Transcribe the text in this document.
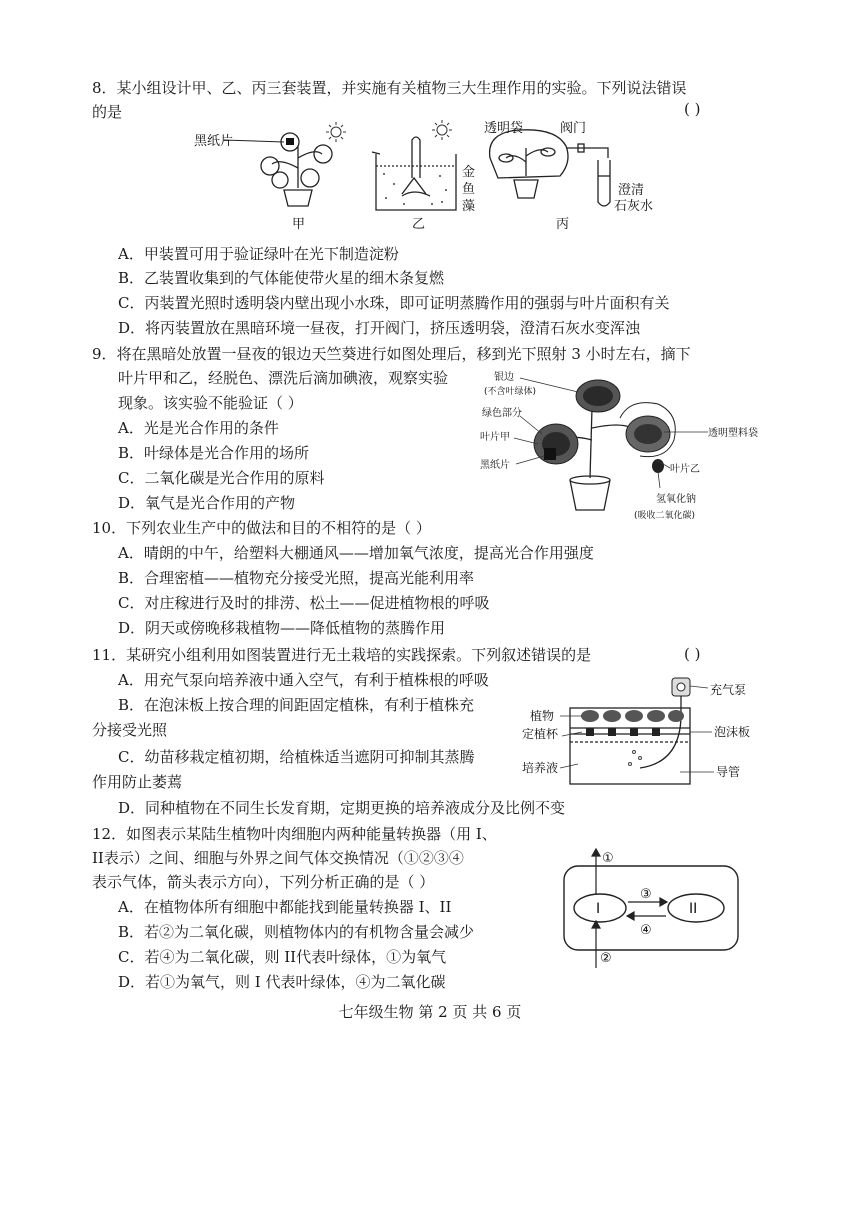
8．某小组设计甲、乙、丙三套装置，并实施有关植物三大生理作用的实验。下列说法错误
的是	( )
黑纸片
甲
金
鱼
藻
乙
透明袋	阀门
澄清
石灰水
丙
A．甲装置可用于验证绿叶在光下制造淀粉
B．乙装置收集到的气体能使带火星的细木条复燃
C．丙装置光照时透明袋内壁出现小水珠，即可证明蒸腾作用的强弱与叶片面积有关
D．将丙装置放在黑暗环境一昼夜，打开阀门，挤压透明袋，澄清石灰水变浑浊
9．将在黑暗处放置一昼夜的银边天竺葵进行如图处理后，移到光下照射 3 小时左右，摘下
叶片甲和乙，经脱色、漂洗后滴加碘液，观察实验
现象。该实验不能验证（ ）
A．光是光合作用的条件
B．叶绿体是光合作用的场所
C．二氧化碳是光合作用的原料
D．氧气是光合作用的产物
银边
(不含叶绿体)
绿色部分
叶片甲
黑纸片
透明塑料袋
叶片乙
氢氧化钠
(吸收二氧化碳)
10．下列农业生产中的做法和目的不相符的是（ ）
A．晴朗的中午，给塑料大棚通风——增加氧气浓度，提高光合作用强度
B．合理密植——植物充分接受光照，提高光能利用率
C．对庄稼进行及时的排涝、松土——促进植物根的呼吸
D．阴天或傍晚移栽植物——降低植物的蒸腾作用
11．某研究小组利用如图装置进行无土栽培的实践探索。下列叙述错误的是	( )
A．用充气泵向培养液中通入空气，有利于植株根的呼吸
B．在泡沫板上按合理的间距固定植株，有利于植株充
分接受光照
C．幼苗移栽定植初期，给植株适当遮阴可抑制其蒸腾
作用防止萎蔫
D．同种植物在不同生长发育期，定期更换的培养液成分及比例不变
充气泵
植物
定植杯	泡沫板
培养液	导管
12．如图表示某陆生植物叶肉细胞内两种能量转换器（用 I、
II表示）之间、细胞与外界之间气体交换情况（①②③④
表示气体，箭头表示方向），下列分析正确的是（ ）
A．在植物体所有细胞中都能找到能量转换器 I、II
B．若②为二氧化碳，则植物体内的有机物含量会减少
C．若④为二氧化碳，则 II代表叶绿体，①为氧气
D．若①为氧气，则 I 代表叶绿体，④为二氧化碳
①
②
③
④
I	II
七年级生物 第 2 页 共 6 页
